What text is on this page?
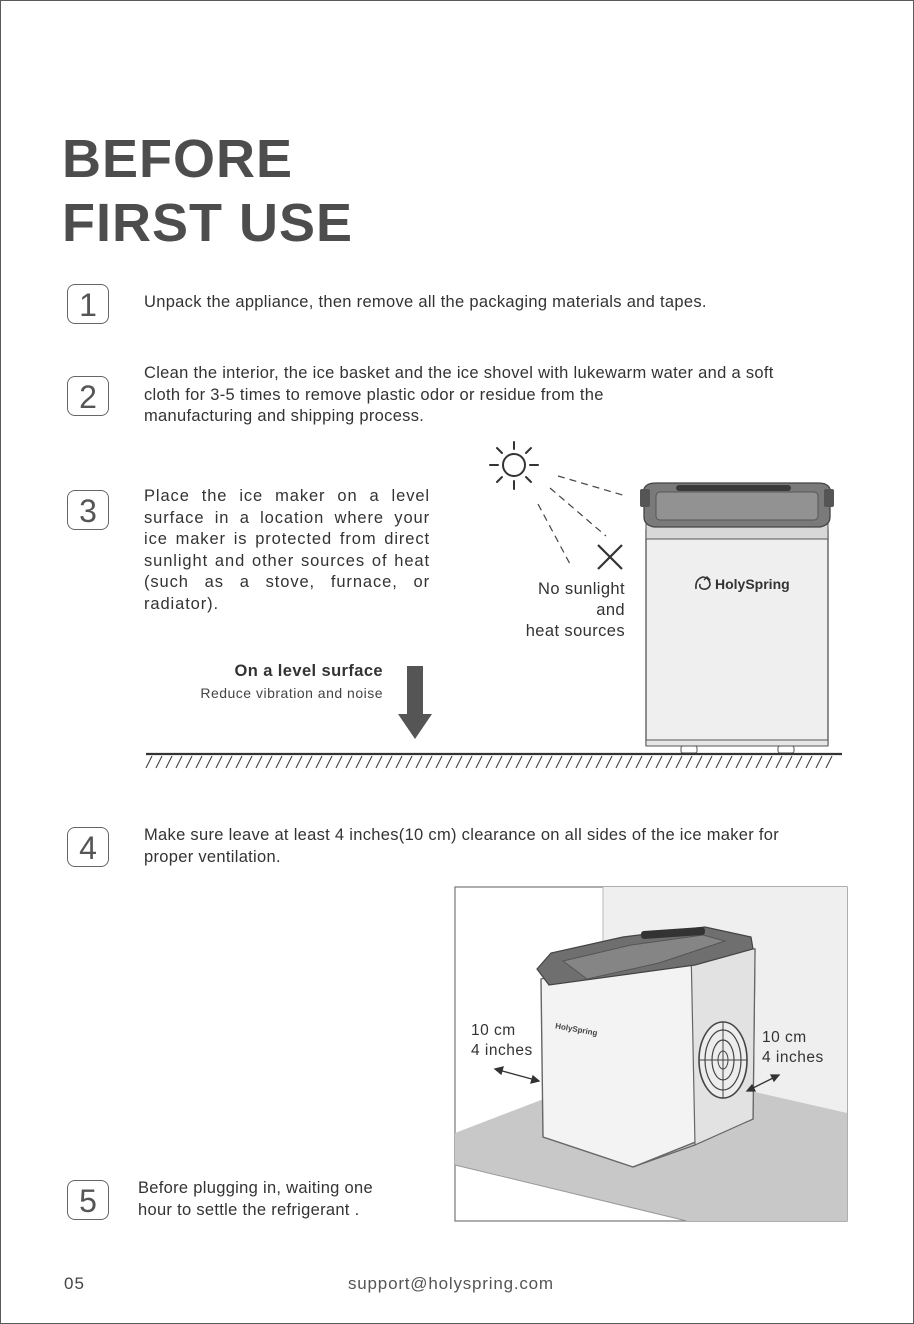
BEFORE
FIRST USE
1	Unpack the appliance, then remove all the packaging materials and tapes.
2
Clean the interior, the ice basket and the ice shovel with lukewarm water and a soft
cloth for 3-5 times to remove plastic odor or residue from the
manufacturing and shipping process.
3	Place the ice maker on a level surface in a location where your ice maker is protected from direct sunlight and other sources of heat (such as a stove, furnace, or radiator).
No sunlight
and
heat sources
HolySpring
On a level surface
Reduce vibration and noise
4	Make sure leave at least 4 inches(10 cm) clearance on all sides of the ice maker for
proper ventilation.
HolySpring
10 cm
4 inches
10 cm
4 inches
5	Before plugging in, waiting one
hour to settle the refrigerant .
05	support@holyspring.com
